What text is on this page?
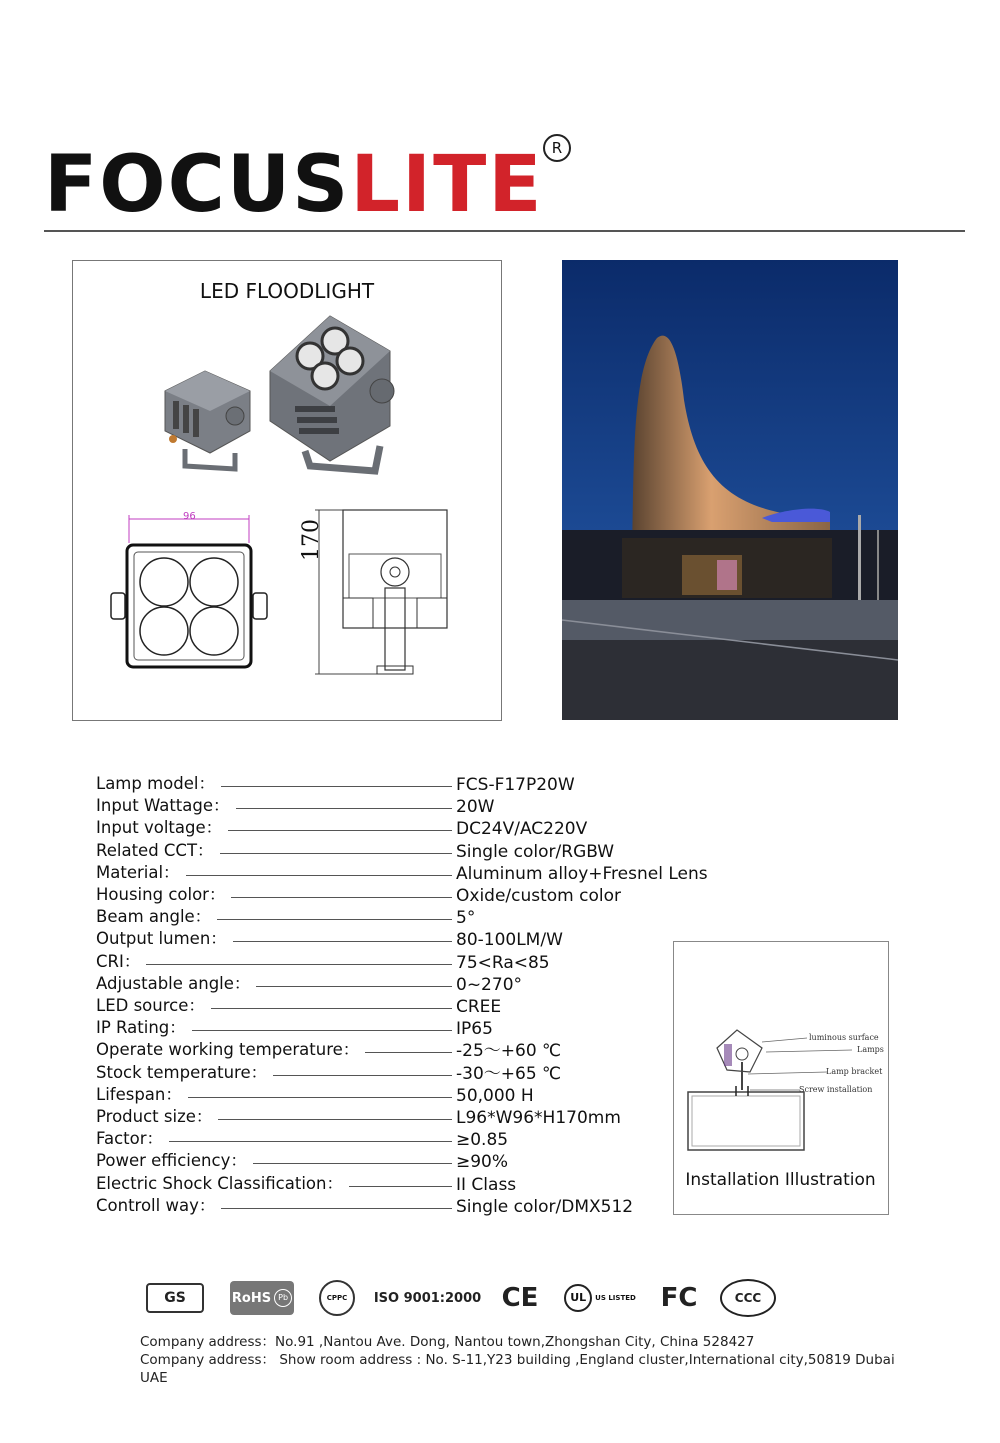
FOCUSLITE R
LED FLOODLIGHT
96
170
Lamp model：	FCS-F17P20W
Input Wattage：	20W
Input voltage：	DC24V/AC220V
Related CCT：	Single color/RGBW
Material：	Aluminum alloy+Fresnel Lens
Housing color：	Oxide/custom color
Beam angle：	5°
Output lumen：	80-100LM/W
CRI：	75<Ra<85
Adjustable angle：	0~270°
LED source：	CREE
IP Rating：	IP65
Operate working temperature：	-25～+60 ℃
Stock temperature：	-30～+65 ℃
Lifespan：	50,000 H
Product size：	L96*W96*H170mm
Factor：	≥0.85
Power efficiency：	≥90%
Electric Shock Classification：	II Class
Controll way：	Single color/DMX512
luminous surface
Lamps
Lamp bracket
Screw installation
Installation Illustration
GS	RoHS Pb	CPPC ISO 9001:2000 CE	UL	US LISTED FC	CCC
Company address：No.91 ,Nantou Ave. Dong, Nantou town,Zhongshan City, China 528427
Company address： Show room address : No. S-11,Y23 building ,England cluster,International city,50819 Dubai
UAE
